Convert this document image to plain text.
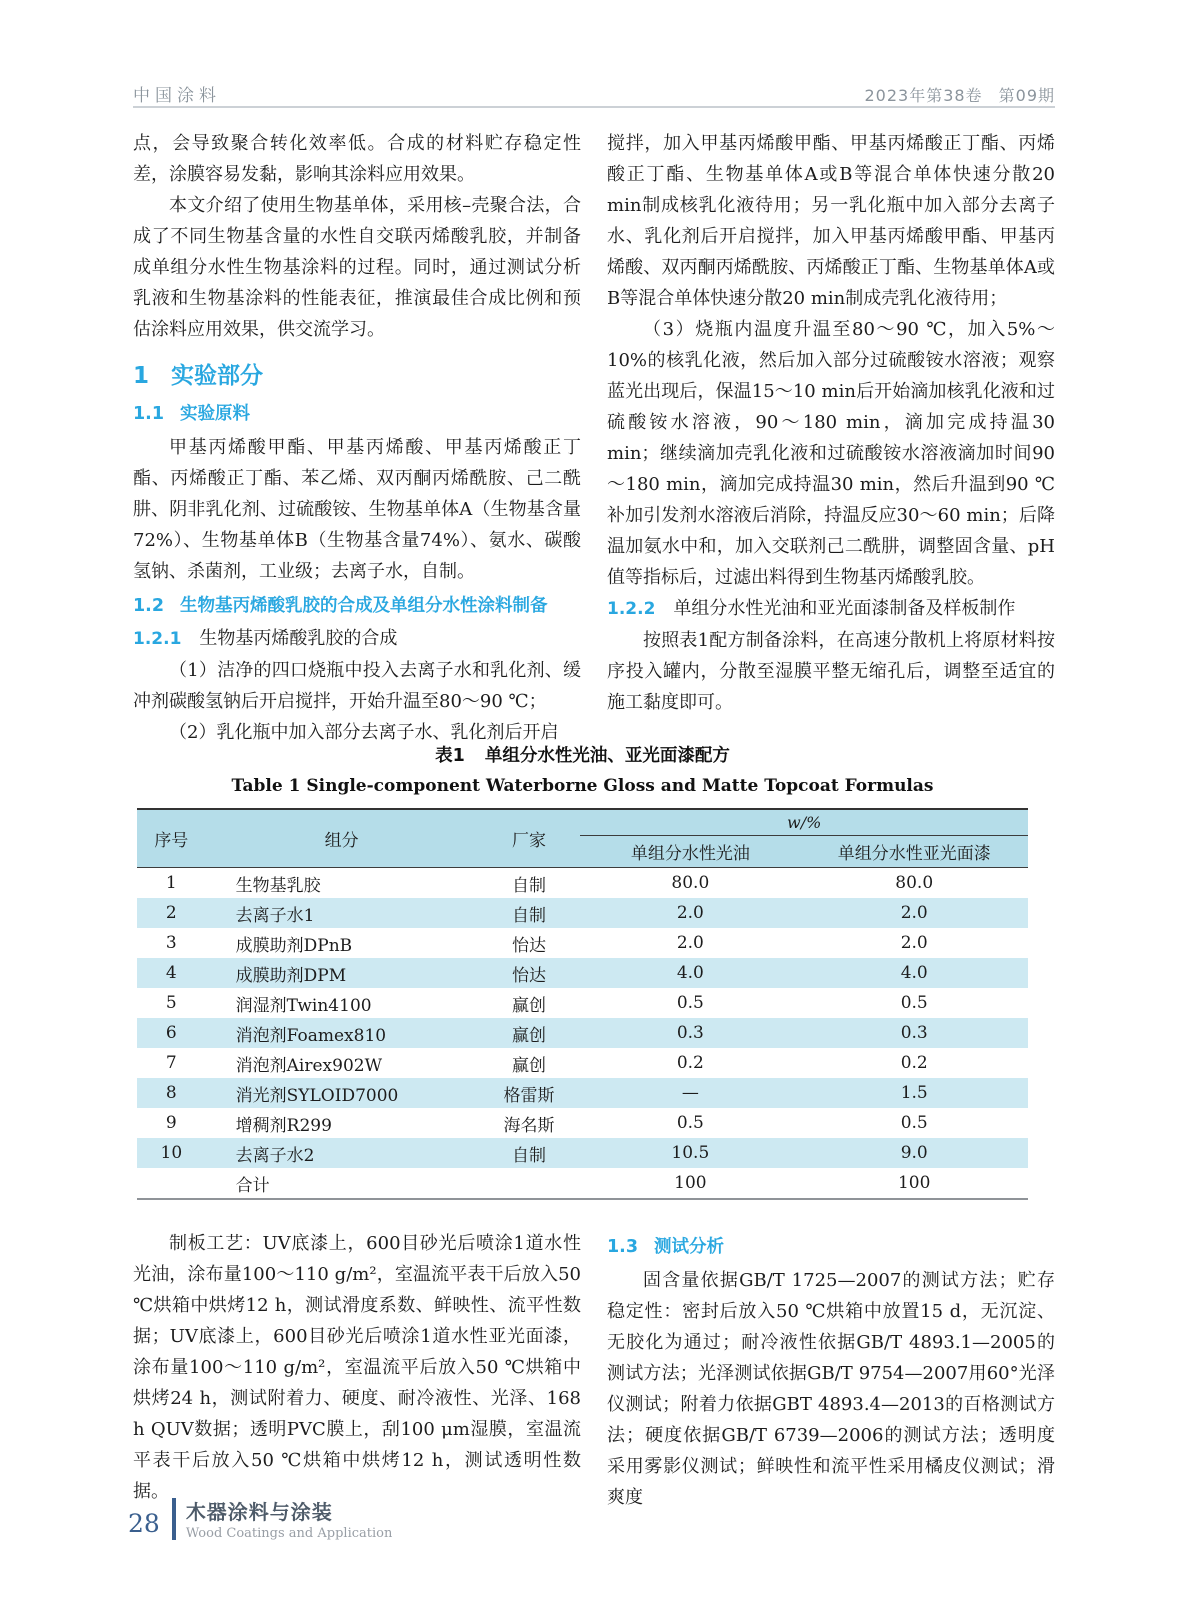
中国涂料	2023年第38卷 第09期

点，会导致聚合转化效率低。合成的材料贮存稳定性差，涂膜容易发黏，影响其涂料应用效果。

本文介绍了使用生物基单体，采用核–壳聚合法，合成了不同生物基含量的水性自交联丙烯酸乳胶，并制备成单组分水性生物基涂料的过程。同时，通过测试分析乳液和生物基涂料的性能表征，推演最佳合成比例和预估涂料应用效果，供交流学习。

1 实验部分
1.1 实验原料

甲基丙烯酸甲酯、甲基丙烯酸、甲基丙烯酸正丁酯、丙烯酸正丁酯、苯乙烯、双丙酮丙烯酰胺、己二酰肼、阴非乳化剂、过硫酸铵、生物基单体A（生物基含量72%）、生物基单体B（生物基含量74%）、氨水、碳酸氢钠、杀菌剂，工业级；去离子水，自制。

1.2 生物基丙烯酸乳胶的合成及单组分水性涂料制备
1.2.1 生物基丙烯酸乳胶的合成

（1）洁净的四口烧瓶中投入去离子水和乳化剂、缓冲剂碳酸氢钠后开启搅拌，开始升温至80～90 ℃；

（2）乳化瓶中加入部分去离子水、乳化剂后开启

搅拌，加入甲基丙烯酸甲酯、甲基丙烯酸正丁酯、丙烯酸正丁酯、生物基单体A或B等混合单体快速分散20 min制成核乳化液待用；另一乳化瓶中加入部分去离子水、乳化剂后开启搅拌，加入甲基丙烯酸甲酯、甲基丙烯酸、双丙酮丙烯酰胺、丙烯酸正丁酯、生物基单体A或B等混合单体快速分散20 min制成壳乳化液待用；

（3）烧瓶内温度升温至80～90 ℃，加入5%～10%的核乳化液，然后加入部分过硫酸铵水溶液；观察蓝光出现后，保温15～10 min后开始滴加核乳化液和过硫酸铵水溶液，90～180 min，滴加完成持温30 min；继续滴加壳乳化液和过硫酸铵水溶液滴加时间90～180 min，滴加完成持温30 min，然后升温到90 ℃补加引发剂水溶液后消除，持温反应30～60 min；后降温加氨水中和，加入交联剂己二酰肼，调整固含量、pH值等指标后，过滤出料得到生物基丙烯酸乳胶。

1.2.2 单组分水性光油和亚光面漆制备及样板制作

按照表1配方制备涂料，在高速分散机上将原材料按序投入罐内，分散至湿膜平整无缩孔后，调整至适宜的施工黏度即可。

表1 单组分水性光油、亚光面漆配方
Table 1 Single-component Waterborne Gloss and Matte Topcoat Formulas
序号	组分	厂家	w/%	
			单组分水性光油	单组分水性亚光面漆
1	生物基乳胶	自制	80.0	80.0
2	去离子水1	自制	2.0	2.0
3	成膜助剂DPnB	怡达	2.0	2.0
4	成膜助剂DPM	怡达	4.0	4.0
5	润湿剂Twin4100	赢创	0.5	0.5
6	消泡剂Foamex810	赢创	0.3	0.3
7	消泡剂Airex902W	赢创	0.2	0.2
8	消光剂SYLOID7000	格雷斯	—	1.5
9	增稠剂R299	海名斯	0.5	0.5
10	去离子水2	自制	10.5	9.0
	合计		100	100

制板工艺：UV底漆上，600目砂光后喷涂1道水性光油，涂布量100～110 g/m²，室温流平表干后放入50 ℃烘箱中烘烤12 h，测试滑度系数、鲜映性、流平性数据；UV底漆上，600目砂光后喷涂1道水性亚光面漆，涂布量100～110 g/m²，室温流平后放入50 ℃烘箱中烘烤24 h，测试附着力、硬度、耐冷液性、光泽、168 h QUV数据；透明PVC膜上，刮100 μm湿膜，室温流平表干后放入50 ℃烘箱中烘烤12 h，测试透明性数据。

1.3 测试分析

固含量依据GB/T 1725—2007的测试方法；贮存稳定性：密封后放入50 ℃烘箱中放置15 d，无沉淀、无胶化为通过；耐冷液性依据GB/T 4893.1—2005的测试方法；光泽测试依据GB/T 9754—2007用60°光泽仪测试；附着力依据GBT 4893.4—2013的百格测试方法；硬度依据GB/T 6739—2006的测试方法；透明度采用雾影仪测试；鲜映性和流平性采用橘皮仪测试；滑爽度

28 木器涂料与涂装
Wood Coatings and Application
